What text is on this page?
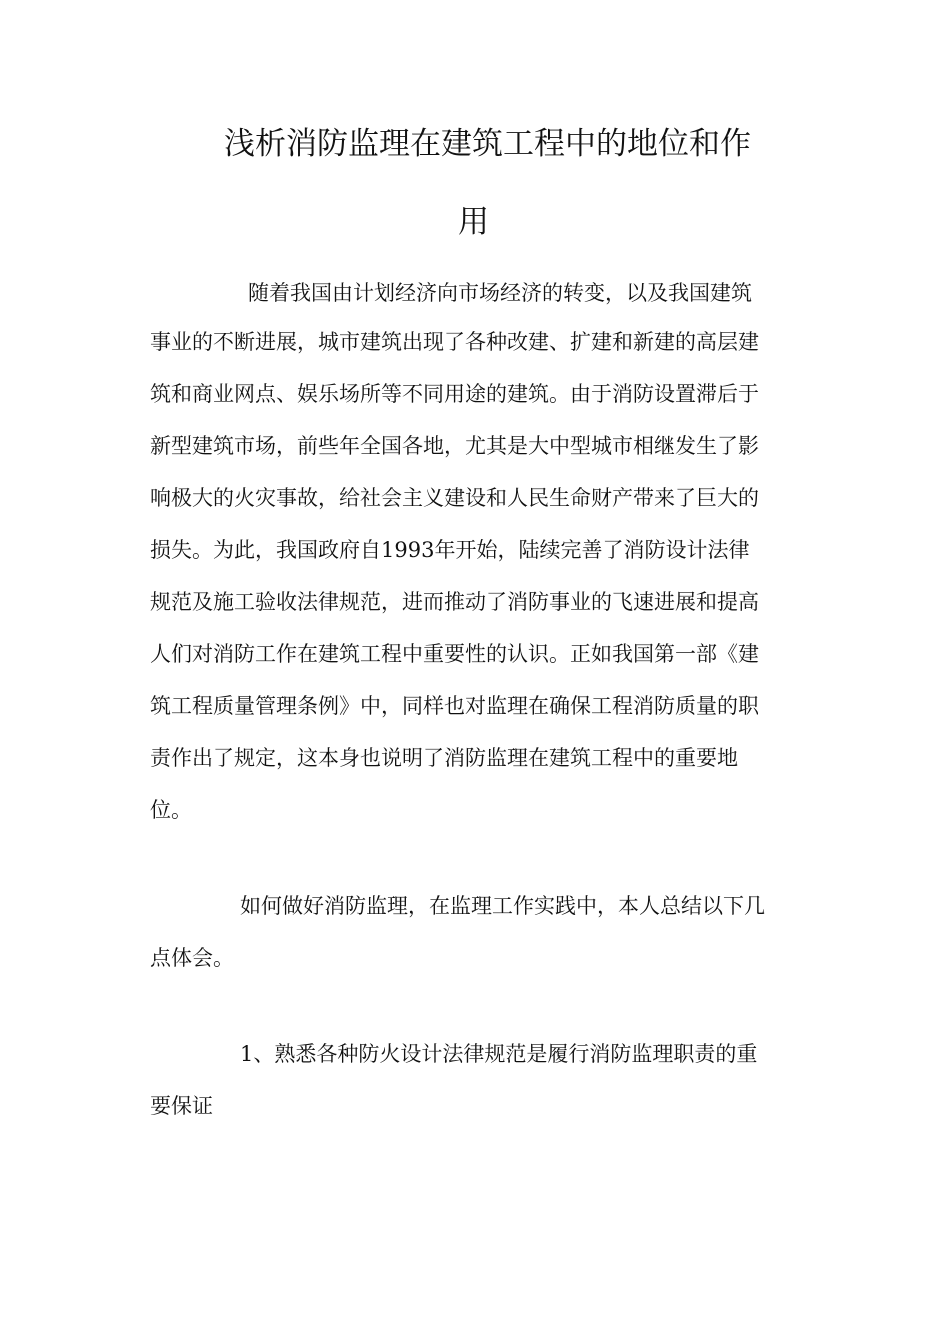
浅析消防监理在建筑工程中的地位和作
用

随着我国由计划经济向市场经济的转变，以及我国建筑

事业的不断进展，城市建筑出现了各种改建、扩建和新建的高层建

筑和商业网点、娱乐场所等不同用途的建筑。由于消防设置滞后于

新型建筑市场，前些年全国各地，尤其是大中型城市相继发生了影

响极大的火灾事故，给社会主义建设和人民生命财产带来了巨大的

损失。为此，我国政府自1993年开始，陆续完善了消防设计法律

规范及施工验收法律规范，进而推动了消防事业的飞速进展和提高

人们对消防工作在建筑工程中重要性的认识。正如我国第一部《建

筑工程质量管理条例》中，同样也对监理在确保工程消防质量的职

责作出了规定，这本身也说明了消防监理在建筑工程中的重要地

位。

如何做好消防监理，在监理工作实践中，本人总结以下几

点体会。

1、熟悉各种防火设计法律规范是履行消防监理职责的重

要保证
